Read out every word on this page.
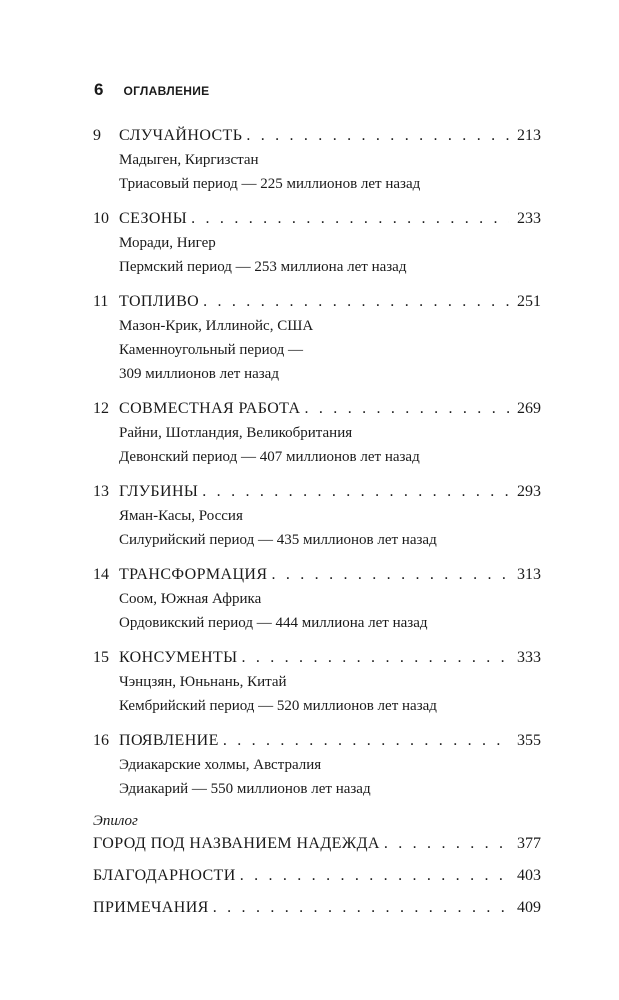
6 ОГЛАВЛЕНИЕ
9	СЛУЧАЙНОСТЬ . . .	213
Мадыген, Киргизстан
Триасовый период — 225 миллионов лет назад
10 СЕЗОНЫ . . .	233
Моради, Нигер
Пермский период — 253 миллиона лет назад
11 ТОПЛИВО . . .	251
Мазон-Крик, Иллинойс, США
Каменноугольный период —
309 миллионов лет назад
12 СОВМЕСТНАЯ РАБОТА . . .	269
Райни, Шотландия, Великобритания
Девонский период — 407 миллионов лет назад
13 ГЛУБИНЫ . . .	293
Яман-Касы, Россия
Силурийский период — 435 миллионов лет назад
14 ТРАНСФОРМАЦИЯ . . .	313
Соом, Южная Африка
Ордовикский период — 444 миллиона лет назад
15 КОНСУМЕНТЫ . . .	333
Чэнцзян, Юньнань, Китай
Кембрийский период — 520 миллионов лет назад
16 ПОЯВЛЕНИЕ . . .	355
Эдиакарские холмы, Австралия
Эдиакарий — 550 миллионов лет назад
Эпилог
ГОРОД ПОД НАЗВАНИЕМ НАДЕЖДА . . .	377
БЛАГОДАРНОСТИ . . .	403
ПРИМЕЧАНИЯ . . .	409
